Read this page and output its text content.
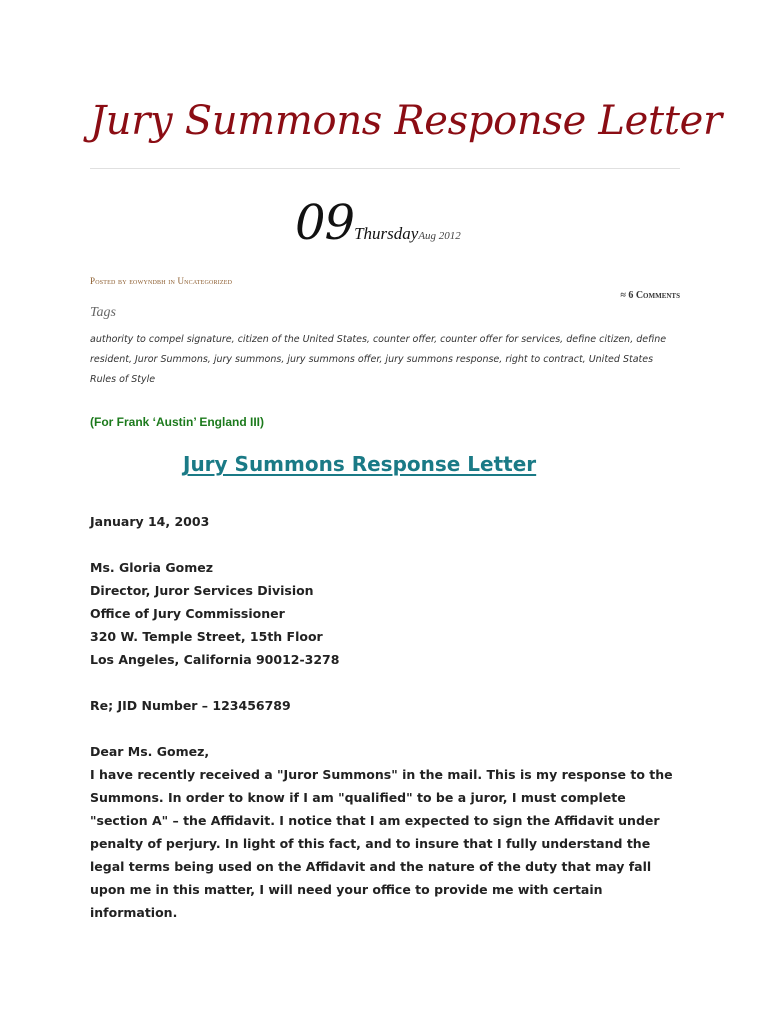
Jury Summons Response Letter
09ThursdayAug 2012
Posted by eowyndbh in Uncategorized
≈ 6 Comments
Tags
authority to compel signature, citizen of the United States, counter offer, counter offer for services, define citizen, define resident, Juror Summons, jury summons, jury summons offer, jury summons response, right to contract, United States Rules of Style
(For Frank ‘Austin’ England III)
Jury Summons Response Letter
January 14, 2003
Ms. Gloria Gomez
Director, Juror Services Division
Office of Jury Commissioner
320 W. Temple Street, 15th Floor
Los Angeles, California 90012-3278
Re; JID Number – 123456789
Dear Ms. Gomez,
I have recently received a "Juror Summons" in the mail. This is my response to the
Summons. In order to know if I am "qualified" to be a juror, I must complete
"section A" – the Affidavit. I notice that I am expected to sign the Affidavit under
penalty of perjury. In light of this fact, and to insure that I fully understand the
legal terms being used on the Affidavit and the nature of the duty that may fall
upon me in this matter, I will need your office to provide me with certain
information.
